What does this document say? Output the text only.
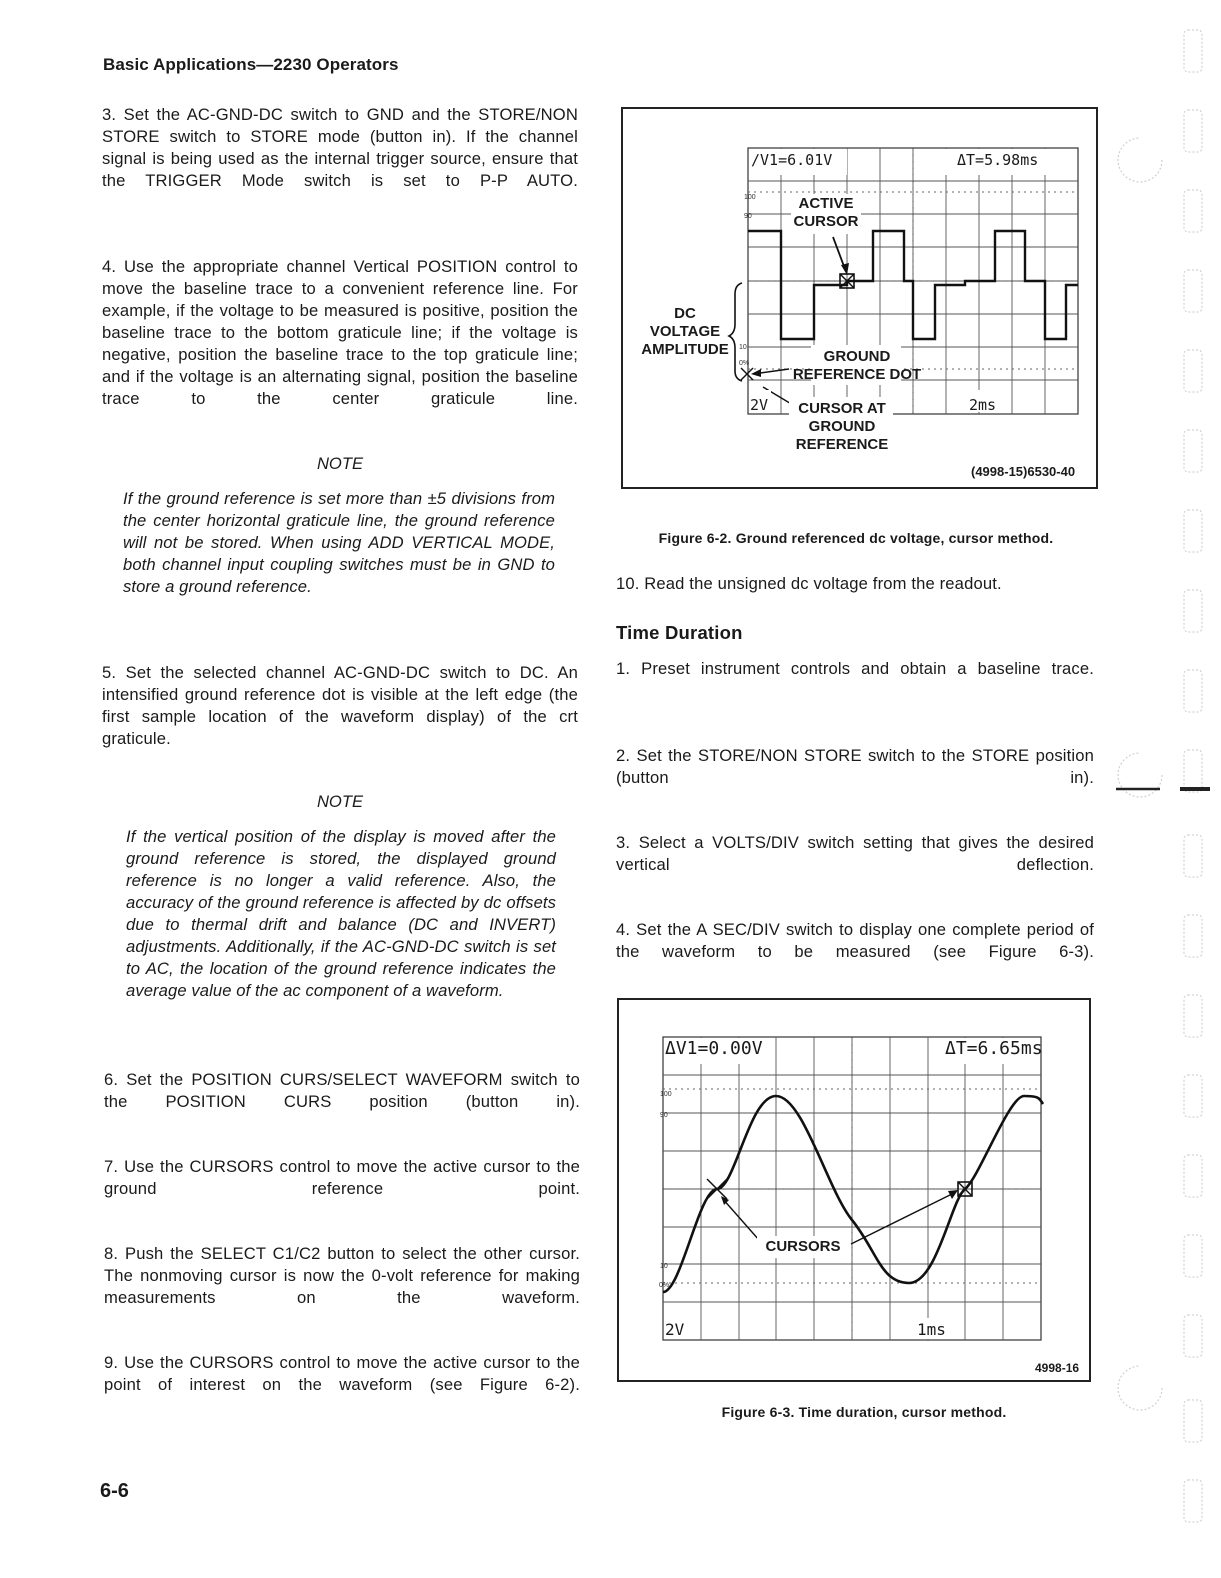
Basic Applications—2230 Operators
3. Set the AC-GND-DC switch to GND and the STORE/NON STORE switch to STORE mode (button in). If the channel signal is being used as the internal trigger source, ensure that the TRIGGER Mode switch is set to P-P AUTO.
4. Use the appropriate channel Vertical POSITION control to move the baseline trace to a convenient reference line. For example, if the voltage to be measured is positive, position the baseline trace to the bottom graticule line; if the voltage is negative, position the baseline trace to the top graticule line; and if the voltage is an alternating signal, position the baseline trace to the center graticule line.
NOTE
If the ground reference is set more than ±5 divisions from the center horizontal graticule line, the ground reference will not be stored. When using ADD VERTICAL MODE, both channel input coupling switches must be in GND to store a ground reference.
5. Set the selected channel AC-GND-DC switch to DC. An intensified ground reference dot is visible at the left edge (the first sample location of the waveform display) of the crt graticule.
NOTE
If the vertical position of the display is moved after the ground reference is stored, the displayed ground reference is no longer a valid reference. Also, the accuracy of the ground reference is affected by dc offsets due to thermal drift and balance (DC and INVERT) adjustments. Additionally, if the AC-GND-DC switch is set to AC, the location of the ground reference indicates the average value of the ac component of a waveform.
6. Set the POSITION CURS/SELECT WAVEFORM switch to the POSITION CURS position (button in).
7. Use the CURSORS control to move the active cursor to the ground reference point.
8. Push the SELECT C1/C2 button to select the other cursor. The nonmoving cursor is now the 0-volt reference for making measurements on the waveform.
9. Use the CURSORS control to move the active cursor to the point of interest on the waveform (see Figure 6-2).
6-6
100
90
10
0%
∕V1=6.01V	ΔT=5.98ms
2V	2ms
ACTIVE
CURSOR
DC
VOLTAGE
AMPLITUDE	GROUND
REFERENCE DOT
CURSOR AT
GROUND
REFERENCE
(4998-15)6530-40
Figure 6-2. Ground referenced dc voltage, cursor method.
10. Read the unsigned dc voltage from the readout.
Time Duration
1. Preset instrument controls and obtain a baseline trace.
2. Set the STORE/NON STORE switch to the STORE position (button in).
3. Select a VOLTS/DIV switch setting that gives the desired vertical deflection.
4. Set the A SEC/DIV switch to display one complete period of the waveform to be measured (see Figure 6-3).
100
90
10
0%
ΔV1=0.00V	ΔT=6.65ms
2V	1ms
CURSORS
4998-16
Figure 6-3. Time duration, cursor method.
